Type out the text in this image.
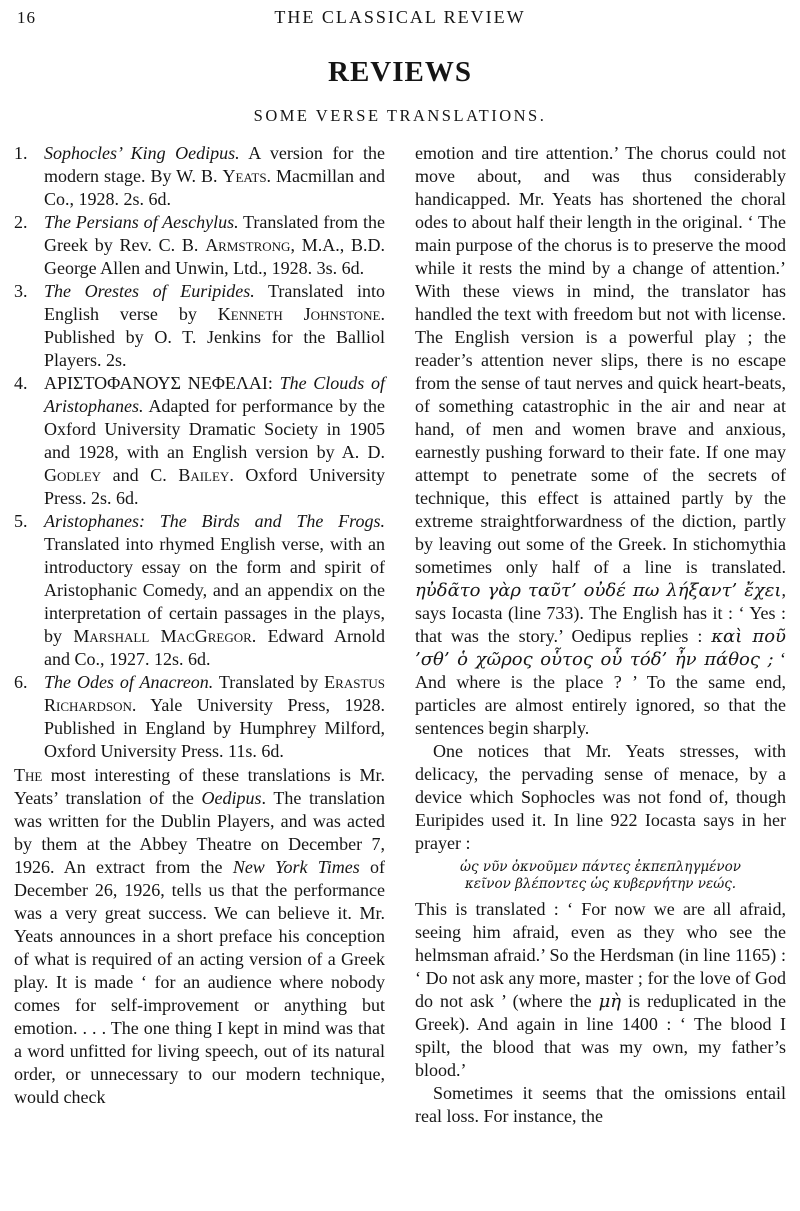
16	THE CLASSICAL REVIEW
REVIEWS
SOME VERSE TRANSLATIONS.
1. Sophocles’ King Oedipus. A version for the modern stage. By W. B. Yeats. Macmillan and Co., 1928. 2s. 6d.
2. The Persians of Aeschylus. Translated from the Greek by Rev. C. B. Armstrong, M.A., B.D. George Allen and Unwin, Ltd., 1928. 3s. 6d.
3. The Orestes of Euripides. Translated into English verse by Kenneth Johnstone. Published by O. T. Jenkins for the Balliol Players. 2s.
4. ΑΡΙΣΤΟΦΑΝΟΥΣ ΝΕΦΕΛΑΙ: The Clouds of Aristophanes. Adapted for performance by the Oxford University Dramatic Society in 1905 and 1928, with an English version by A. D. Godley and C. Bailey. Oxford University Press. 2s. 6d.
5. Aristophanes: The Birds and The Frogs. Translated into rhymed English verse, with an introductory essay on the form and spirit of Aristophanic Comedy, and an appendix on the interpretation of certain passages in the plays, by Marshall MacGregor. Edward Arnold and Co., 1927. 12s. 6d.
6. The Odes of Anacreon. Translated by Erastus Richardson. Yale University Press, 1928. Published in England by Humphrey Milford, Oxford University Press. 11s. 6d.

The most interesting of these translations is Mr. Yeats’ translation of the Oedipus. The translation was written for the Dublin Players, and was acted by them at the Abbey Theatre on December 7, 1926. An extract from the New York Times of December 26, 1926, tells us that the performance was a very great success. We can believe it. Mr. Yeats announces in a short preface his conception of what is required of an acting version of a Greek play. It is made ‘ for an audience where nobody comes for self-improvement or anything but emotion. . . . The one thing I kept in mind was that a word unfitted for living speech, out of its natural order, or unnecessary to our modern technique, would check

emotion and tire attention.’ The chorus could not move about, and was thus considerably handicapped. Mr. Yeats has shortened the choral odes to about half their length in the original. ‘ The main purpose of the chorus is to preserve the mood while it rests the mind by a change of attention.’ With these views in mind, the translator has handled the text with freedom but not with license. The English version is a powerful play ; the reader’s attention never slips, there is no escape from the sense of taut nerves and quick heart-beats, of something catastrophic in the air and near at hand, of men and women brave and anxious, earnestly pushing forward to their fate. If one may attempt to penetrate some of the secrets of technique, this effect is attained partly by the extreme straightforwardness of the diction, partly by leaving out some of the Greek. In stichomythia sometimes only half of a line is translated. ηὐδᾶτο γὰρ ταῦτ’ οὐδέ πω λήξαντ’ ἔχει, says Iocasta (line 733). The English has it : ‘ Yes : that was the story.’ Oedipus replies : καὶ ποῦ ’σθ’ ὁ χῶρος οὗτος οὗ τόδ’ ἦν πάθος ; ‘ And where is the place ? ’ To the same end, particles are almost entirely ignored, so that the sentences begin sharply.

One notices that Mr. Yeats stresses, with delicacy, the pervading sense of menace, by a device which Sophocles was not fond of, though Euripides used it. In line 922 Iocasta says in her prayer :

ὡς νῦν ὀκνοῦμεν πάντες ἐκπεπληγμένον
κεῖνον βλέποντες ὡς κυβερνήτην νεώς.

This is translated : ‘ For now we are all afraid, seeing him afraid, even as they who see the helmsman afraid.’ So the Herdsman (in line 1165) : ‘ Do not ask any more, master ; for the love of God do not ask ’ (where the μὴ is reduplicated in the Greek). And again in line 1400 : ‘ The blood I spilt, the blood that was my own, my father’s blood.’

Sometimes it seems that the omissions entail real loss. For instance, the
